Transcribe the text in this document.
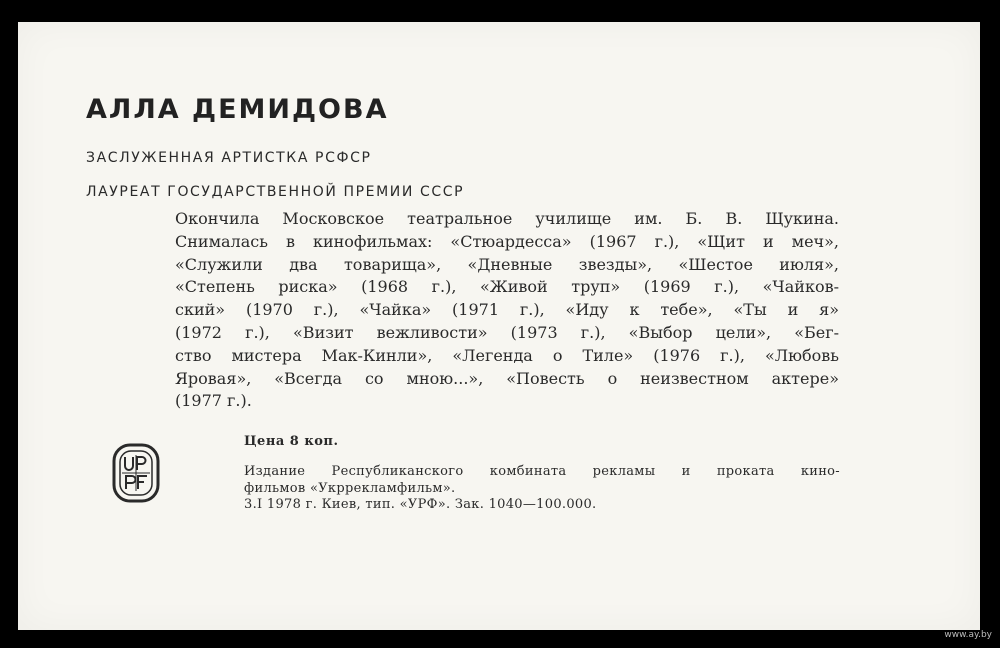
АЛЛА ДЕМИДОВА

ЗАСЛУЖЕННАЯ АРТИСТКА РСФСР

ЛАУРЕАТ ГОСУДАРСТВЕННОЙ ПРЕМИИ СССР

Окончила Московское театральное училище им. Б. В. Щукина.
Снималась в кинофильмах: «Стюардесса» (1967 г.), «Щит и меч»,
«Служили два товарища», «Дневные звезды», «Шестое июля»,
«Степень риска» (1968 г.), «Живой труп» (1969 г.), «Чайков-
ский» (1970 г.), «Чайка» (1971 г.), «Иду к тебе», «Ты и я»
(1972 г.), «Визит вежливости» (1973 г.), «Выбор цели», «Бег-
ство мистера Мак-Кинли», «Легенда о Тиле» (1976 г.), «Любовь
Яровая», «Всегда со мною...», «Повесть о неизвестном актере»
(1977 г.).

Цена 8 коп.

Издание Республиканского комбината рекламы и проката кино-
фильмов «Укррекламфильм».
3.I 1978 г. Киев, тип. «УРФ». Зак. 1040—100.000.

www.ay.by
